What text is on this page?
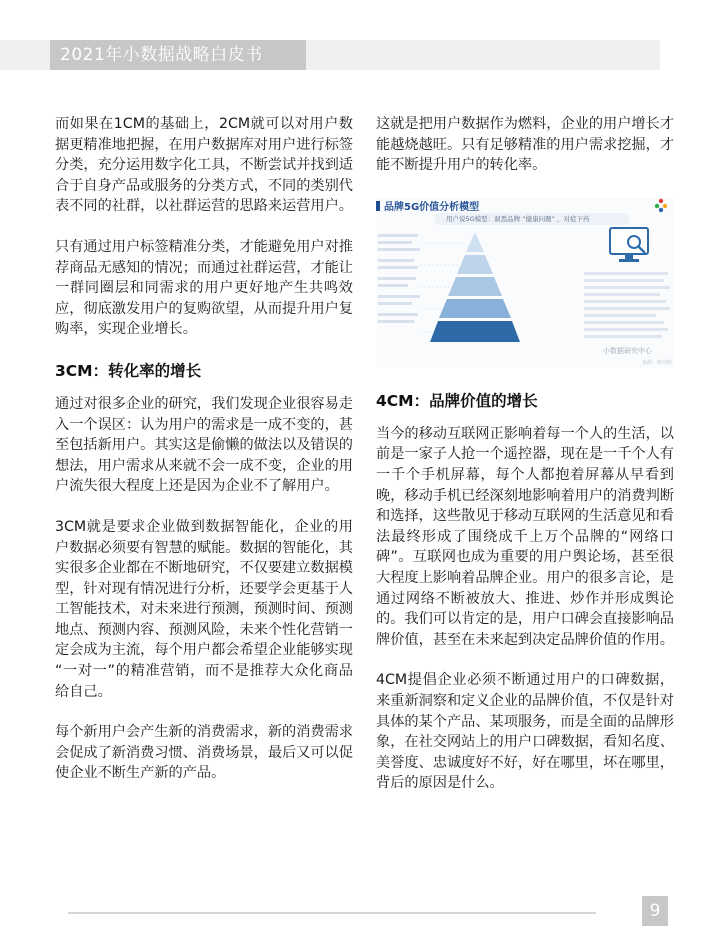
2021年小数据战略白皮书

而如果在1CM的基础上，2CM就可以对用户数据更精准地把握，在用户数据库对用户进行标签分类，充分运用数字化工具，不断尝试并找到适合于自身产品或服务的分类方式，不同的类别代表不同的社群，以社群运营的思路来运营用户。

只有通过用户标签精准分类，才能避免用户对推荐商品无感知的情况；而通过社群运营，才能让一群同圈层和同需求的用户更好地产生共鸣效应，彻底激发用户的复购欲望，从而提升用户复购率，实现企业增长。

3CM：转化率的增长

通过对很多企业的研究，我们发现企业很容易走入一个误区：认为用户的需求是一成不变的，甚至包括新用户。其实这是偷懒的做法以及错误的想法，用户需求从来就不会一成不变，企业的用户流失很大程度上还是因为企业不了解用户。

3CM就是要求企业做到数据智能化，企业的用户数据必须要有智慧的赋能。数据的智能化，其实很多企业都在不断地研究，不仅要建立数据模型，针对现有情况进行分析，还要学会更基于人工智能技术，对未来进行预测，预测时间、预测地点、预测内容、预测风险，未来个性化营销一定会成为主流，每个用户都会希望企业能够实现 “一对一”的精准营销，而不是推荐大众化商品给自己。

每个新用户会产生新的消费需求，新的消费需求会促成了新消费习惯、消费场景，最后又可以促使企业不断生产新的产品。

这就是把用户数据作为燃料，企业的用户增长才能越烧越旺。只有足够精准的用户需求挖掘，才能不断提升用户的转化率。

品牌5G价值分析模型
用户说5G模型：洞悉品牌 “健康问题” ，对症下药
小数据研究中心
来源：研究院
4CM：品牌价值的增长

当今的移动互联网正影响着每一个人的生活，以前是一家子人抢一个遥控器，现在是一千个人有一千个手机屏幕，每个人都抱着屏幕从早看到晚，移动手机已经深刻地影响着用户的消费判断和选择，这些散见于移动互联网的生活意见和看法最终形成了围绕成千上万个品牌的“网络口碑”。互联网也成为重要的用户舆论场，甚至很大程度上影响着品牌企业。用户的很多言论，是通过网络不断被放大、推进、炒作并形成舆论的。我们可以肯定的是，用户口碑会直接影响品牌价值，甚至在未来起到决定品牌价值的作用。

4CM提倡企业必须不断通过用户的口碑数据，来重新洞察和定义企业的品牌价值，不仅是针对具体的某个产品、某项服务，而是全面的品牌形象，在社交网站上的用户口碑数据，看知名度、美誉度、忠诚度好不好，好在哪里，坏在哪里，背后的原因是什么。

9
